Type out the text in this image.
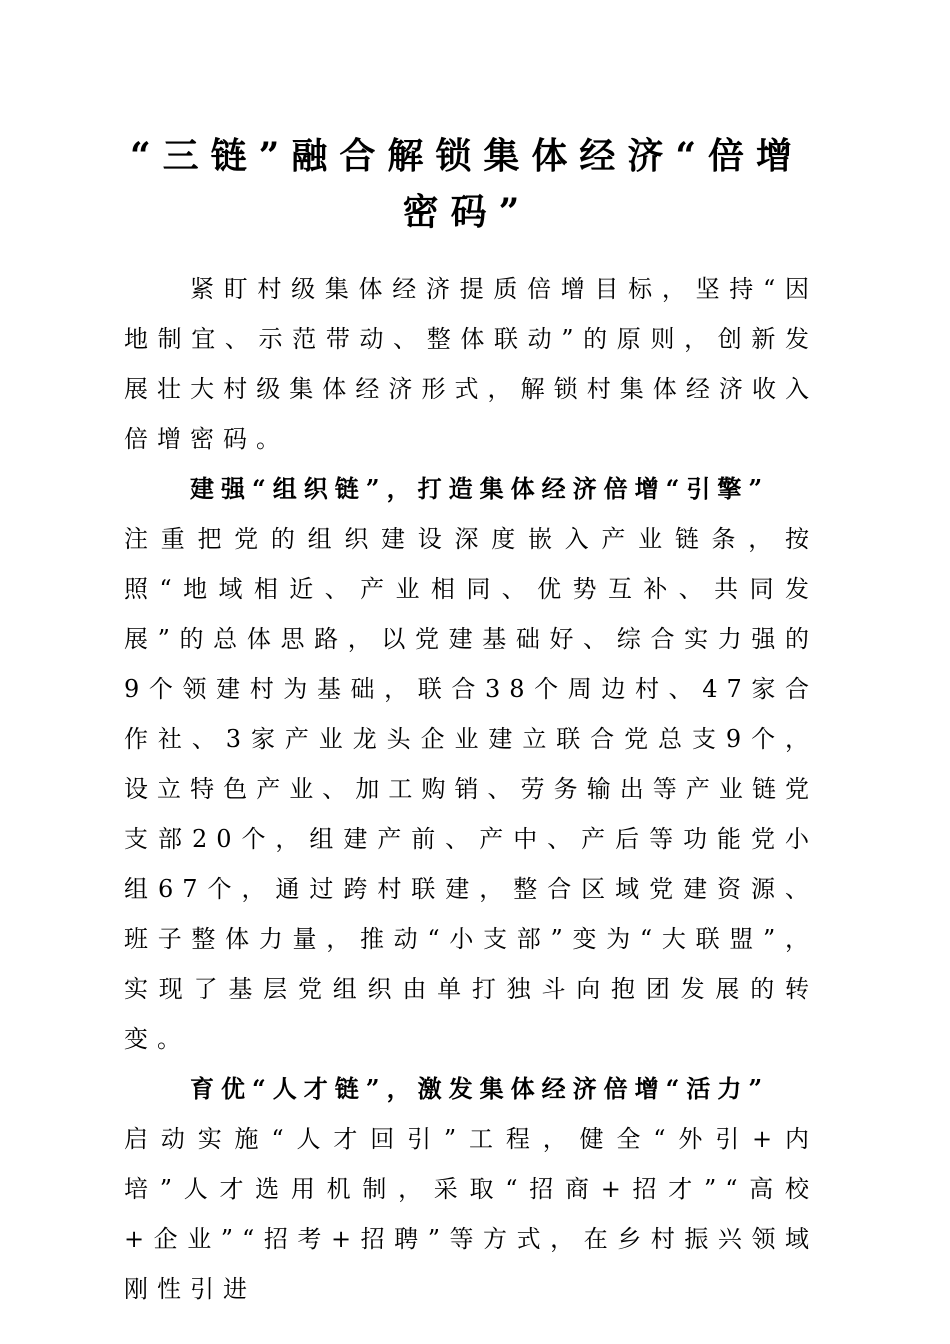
“三链”融合解锁集体经济“倍增密码”

紧盯村级集体经济提质倍增目标，坚持“因地制宜、示范带动、整体联动”的原则，创新发展壮大村级集体经济形式，解锁村集体经济收入倍增密码。

建强“组织链”，打造集体经济倍增“引擎”

注重把党的组织建设深度嵌入产业链条，按照“地域相近、产业相同、优势互补、共同发展”的总体思路，以党建基础好、综合实力强的9个领建村为基础，联合38个周边村、47家合作社、3家产业龙头企业建立联合党总支9个，设立特色产业、加工购销、劳务输出等产业链党支部20个，组建产前、产中、产后等功能党小组67个，通过跨村联建，整合区域党建资源、班子整体力量，推动“小支部”变为“大联盟”，实现了基层党组织由单打独斗向抱团发展的转变。

育优“人才链”，激发集体经济倍增“活力”

启动实施“人才回引”工程，健全“外引+内培”人才选用机制，采取“招商+招才”“高校+企业”“招考+招聘”等方式，在乡村振兴领域刚性引进
